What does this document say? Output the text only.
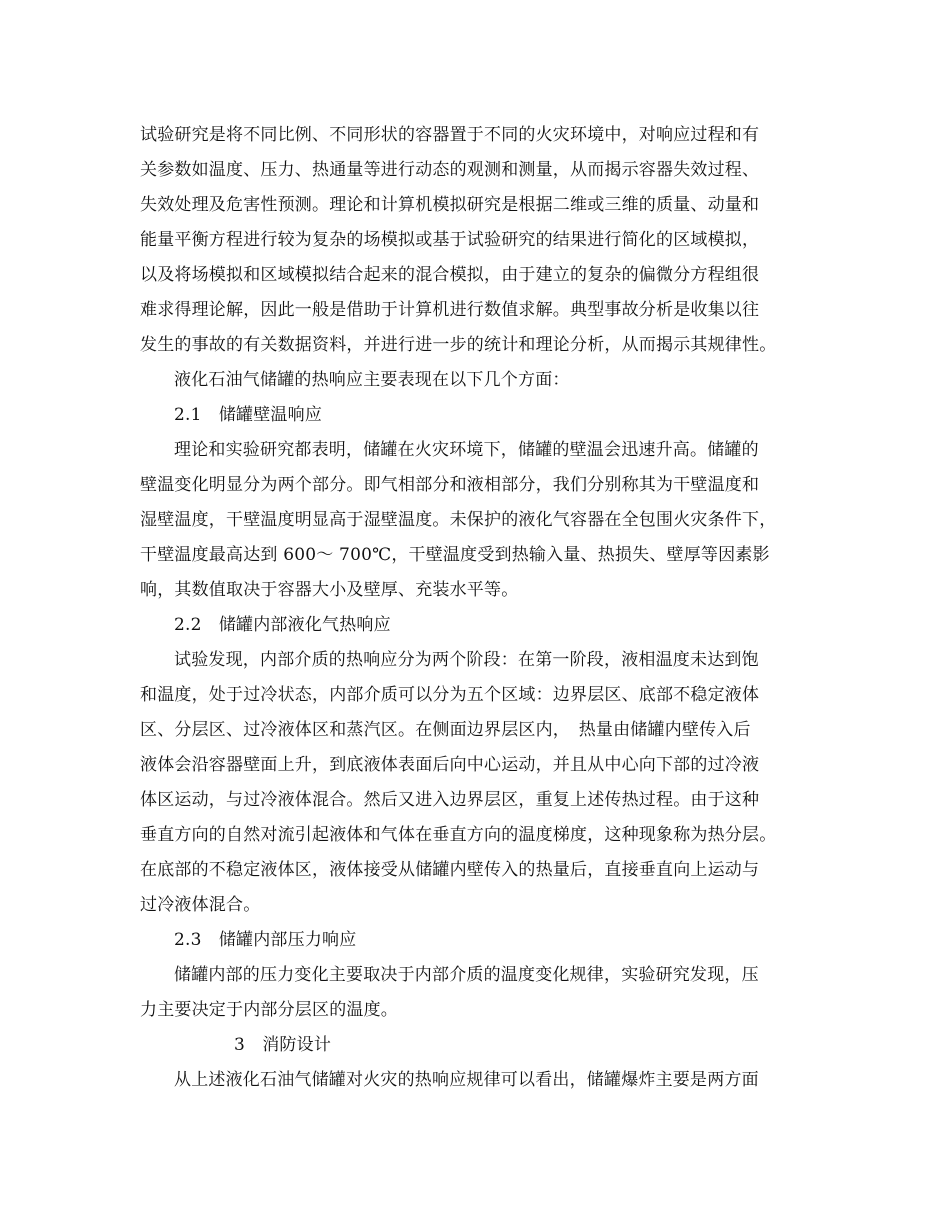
试验研究是将不同比例、不同形状的容器置于不同的火灾环境中，对响应过程和有
关参数如温度、压力、热通量等进行动态的观测和测量，从而揭示容器失效过程、
失效处理及危害性预测。理论和计算机模拟研究是根据二维或三维的质量、动量和
能量平衡方程进行较为复杂的场模拟或基于试验研究的结果进行简化的区域模拟，
以及将场模拟和区域模拟结合起来的混合模拟，由于建立的复杂的偏微分方程组很
难求得理论解，因此一般是借助于计算机进行数值求解。典型事故分析是收集以往
发生的事故的有关数据资料，并进行进一步的统计和理论分析，从而揭示其规律性。
液化石油气储罐的热响应主要表现在以下几个方面：
2.1　储罐壁温响应
理论和实验研究都表明，储罐在火灾环境下，储罐的壁温会迅速升高。储罐的
壁温变化明显分为两个部分。即气相部分和液相部分，我们分别称其为干壁温度和
湿壁温度，干壁温度明显高于湿壁温度。未保护的液化气容器在全包围火灾条件下，
干壁温度最高达到 600～ 700℃，干壁温度受到热输入量、热损失、壁厚等因素影
响，其数值取决于容器大小及壁厚、充装水平等。
2.2　储罐内部液化气热响应
试验发现，内部介质的热响应分为两个阶段：在第一阶段，液相温度未达到饱
和温度，处于过冷状态，内部介质可以分为五个区域：边界层区、底部不稳定液体
区、分层区、过冷液体区和蒸汽区。在侧面边界层区内，　热量由储罐内壁传入后
液体会沿容器壁面上升，到底液体表面后向中心运动，并且从中心向下部的过冷液
体区运动，与过冷液体混合。然后又进入边界层区，重复上述传热过程。由于这种
垂直方向的自然对流引起液体和气体在垂直方向的温度梯度，这种现象称为热分层。
在底部的不稳定液体区，液体接受从储罐内壁传入的热量后，直接垂直向上运动与
过冷液体混合。
2.3　储罐内部压力响应
储罐内部的压力变化主要取决于内部介质的温度变化规律，实验研究发现，压
力主要决定于内部分层区的温度。
3　消防设计
从上述液化石油气储罐对火灾的热响应规律可以看出，储罐爆炸主要是两方面
